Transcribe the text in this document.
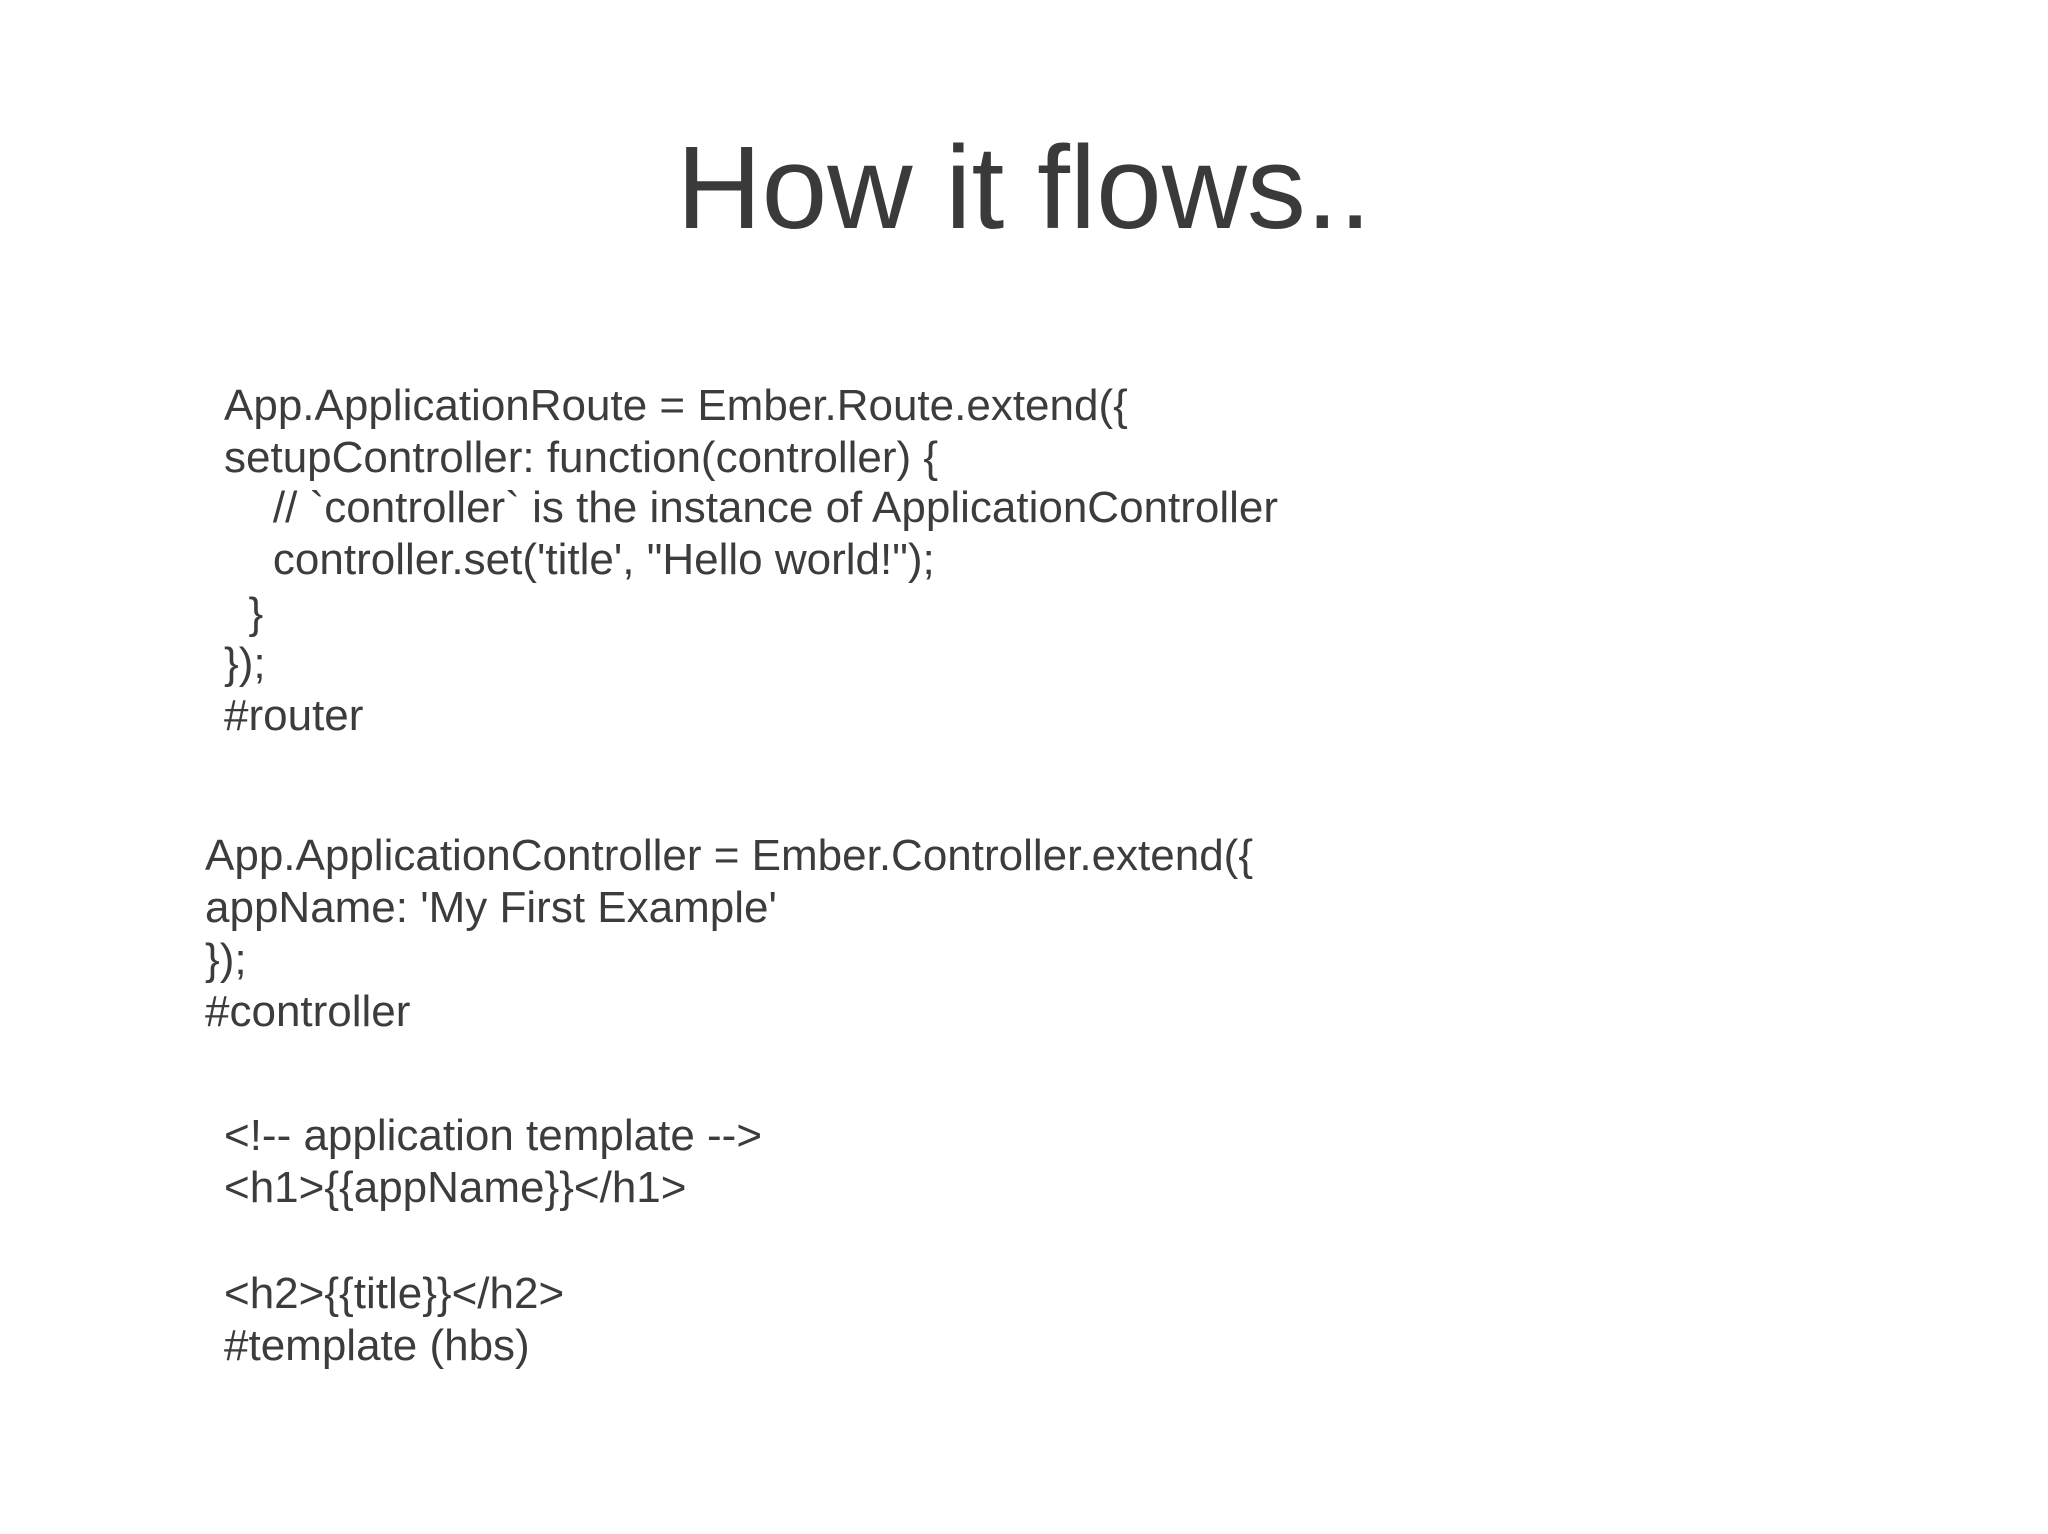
How it flows..

App.ApplicationRoute = Ember.Route.extend({

setupController: function(controller) {

// `controller` is the instance of ApplicationController

controller.set('title', "Hello world!");

}

});

#router

App.ApplicationController = Ember.Controller.extend({

appName: 'My First Example'

});

#controller

<!-- application template -->

<h1>{{appName}}</h1>

<h2>{{title}}</h2>

#template (hbs)
